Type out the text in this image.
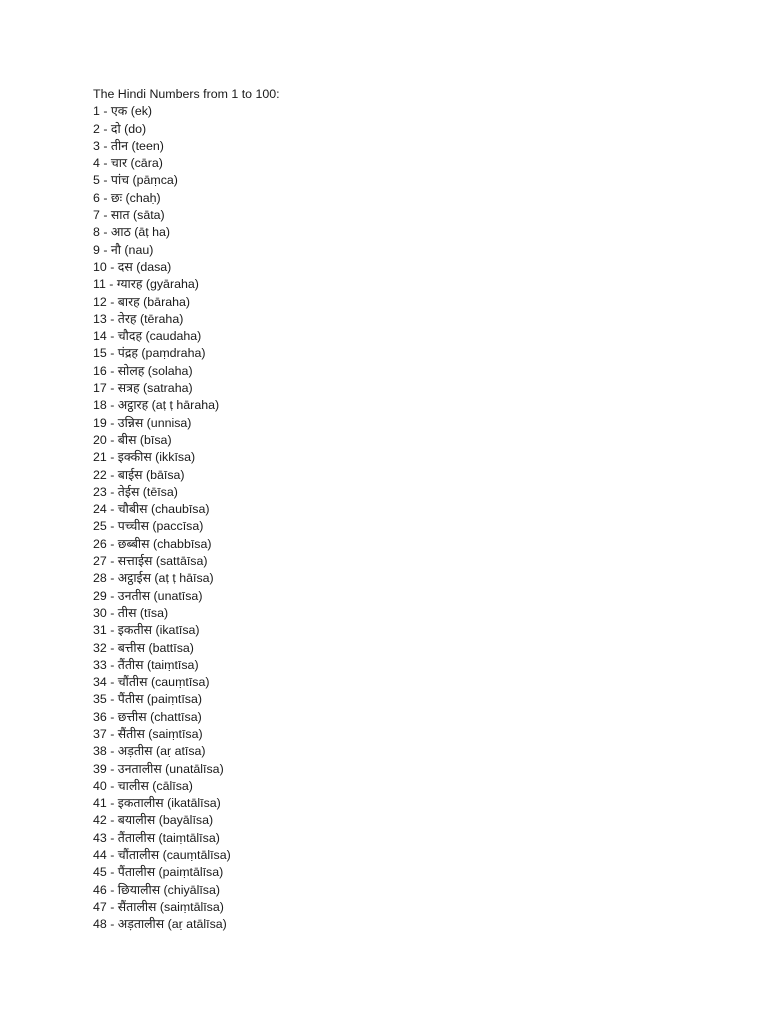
The Hindi Numbers from 1 to 100:
1 - एक (ek)
2 - दो (do)
3 - तीन (teen)
4 - चार (cāra)
5 - पांच (pāṃca)
6 - छः (chaḥ)
7 - सात (sāta)
8 - आठ (āṭ ha)
9 - नौ (nau)
10 - दस (dasa)
11 - ग्यारह (gyāraha)
12 - बारह (bāraha)
13 - तेरह (tēraha)
14 - चौदह (caudaha)
15 - पंद्रह (paṃdraha)
16 - सोलह (solaha)
17 - सत्रह (satraha)
18 - अट्ठारह (aṭ ṭ hāraha)
19 - उन्निस (unnisa)
20 - बीस (bīsa)
21 - इक्कीस (ikkīsa)
22 - बाईस (bāīsa)
23 - तेईस (tēīsa)
24 - चौबीस (chaubīsa)
25 - पच्चीस (paccīsa)
26 - छब्बीस (chabbīsa)
27 - सत्ताईस (sattāīsa)
28 - अट्ठाईस (aṭ ṭ hāīsa)
29 - उनतीस (unatīsa)
30 - तीस (tīsa)
31 - इकतीस (ikatīsa)
32 - बत्तीस (battīsa)
33 - तैंतीस (taiṃtīsa)
34 - चौंतीस (cauṃtīsa)
35 - पैंतीस (paiṃtīsa)
36 - छत्तीस (chattīsa)
37 - सैंतीस (saiṃtīsa)
38 - अड़तीस (aṛ atīsa)
39 - उनतालीस (unatālīsa)
40 - चालीस (cālīsa)
41 - इकतालीस (ikatālīsa)
42 - बयालीस (bayālīsa)
43 - तैंतालीस (taiṃtālīsa)
44 - चौंतालीस (cauṃtālīsa)
45 - पैंतालीस (paiṃtālīsa)
46 - छियालीस (chiyālīsa)
47 - सैंतालीस (saiṃtālīsa)
48 - अड़तालीस (aṛ atālīsa)
